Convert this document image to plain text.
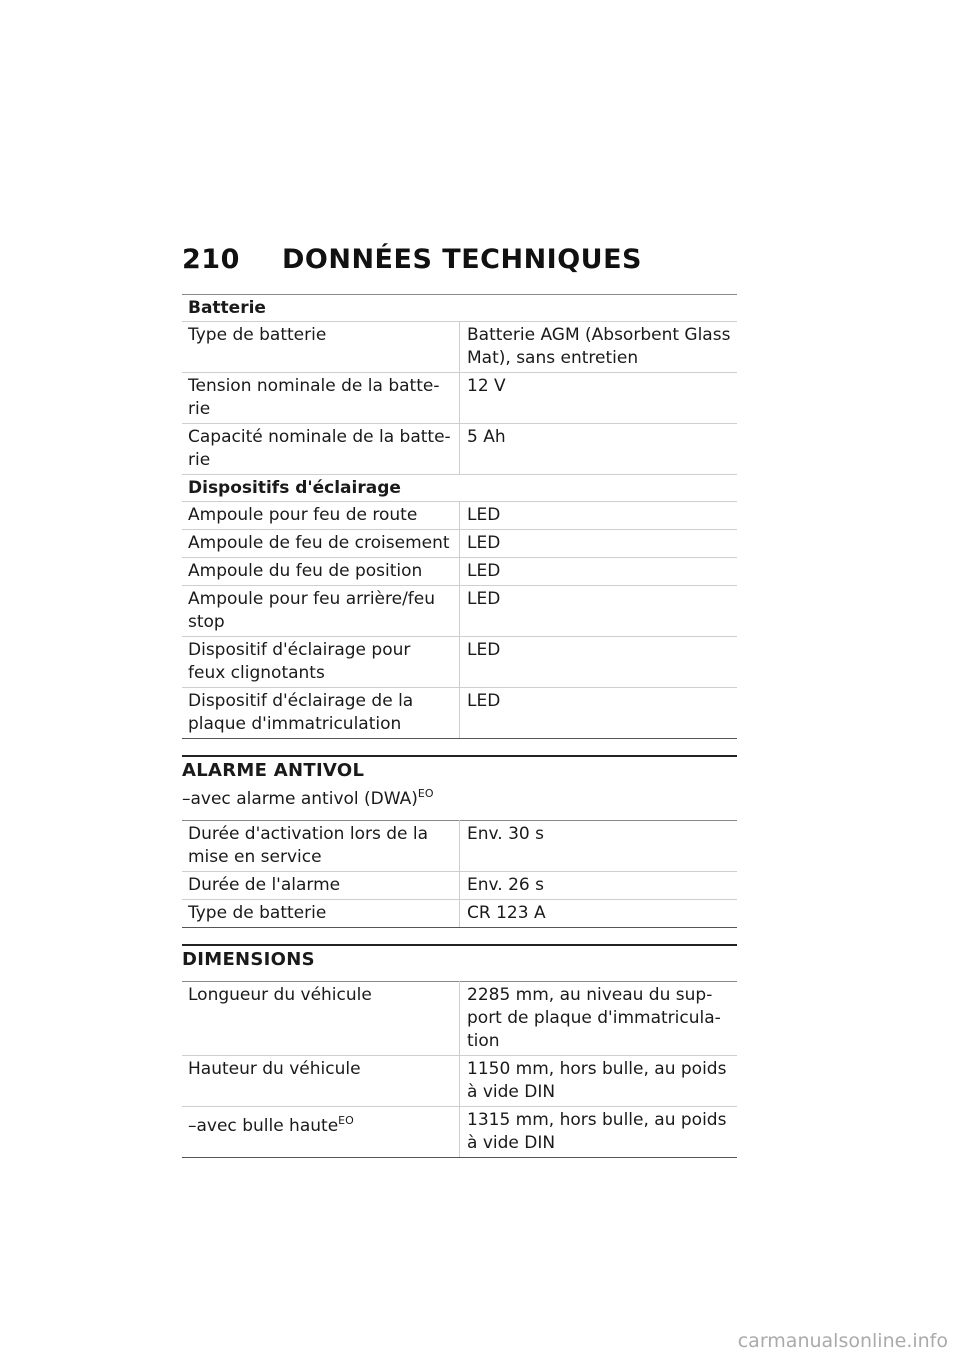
210	DONNÉES TECHNIQUES
Batterie	
Type de batterie	Batterie AGM (Absorbent Glass Mat), sans entretien
Tension nominale de la batte-rie	12 V
Capacité nominale de la batte-rie	5 Ah
Dispositifs d'éclairage	
Ampoule pour feu de route	LED
Ampoule de feu de croisement	LED
Ampoule du feu de position	LED
Ampoule pour feu arrière/feu stop	LED
Dispositif d'éclairage pour feux clignotants	LED
Dispositif d'éclairage de la plaque d'immatriculation	LED
ALARME ANTIVOL
–avec alarme antivol (DWA)$^{EO}$
Durée d'activation lors de la mise en service	Env. 30 s
Durée de l'alarme	Env. 26 s
Type de batterie	CR 123 A
DIMENSIONS
Longueur du véhicule	2285 mm, au niveau du sup-port de plaque d'immatricula-tion
Hauteur du véhicule	1150 mm, hors bulle, au poids à vide DIN
–avec bulle haute$^{EO}$	1315 mm, hors bulle, au poids à vide DIN
carmanualsonline.info
